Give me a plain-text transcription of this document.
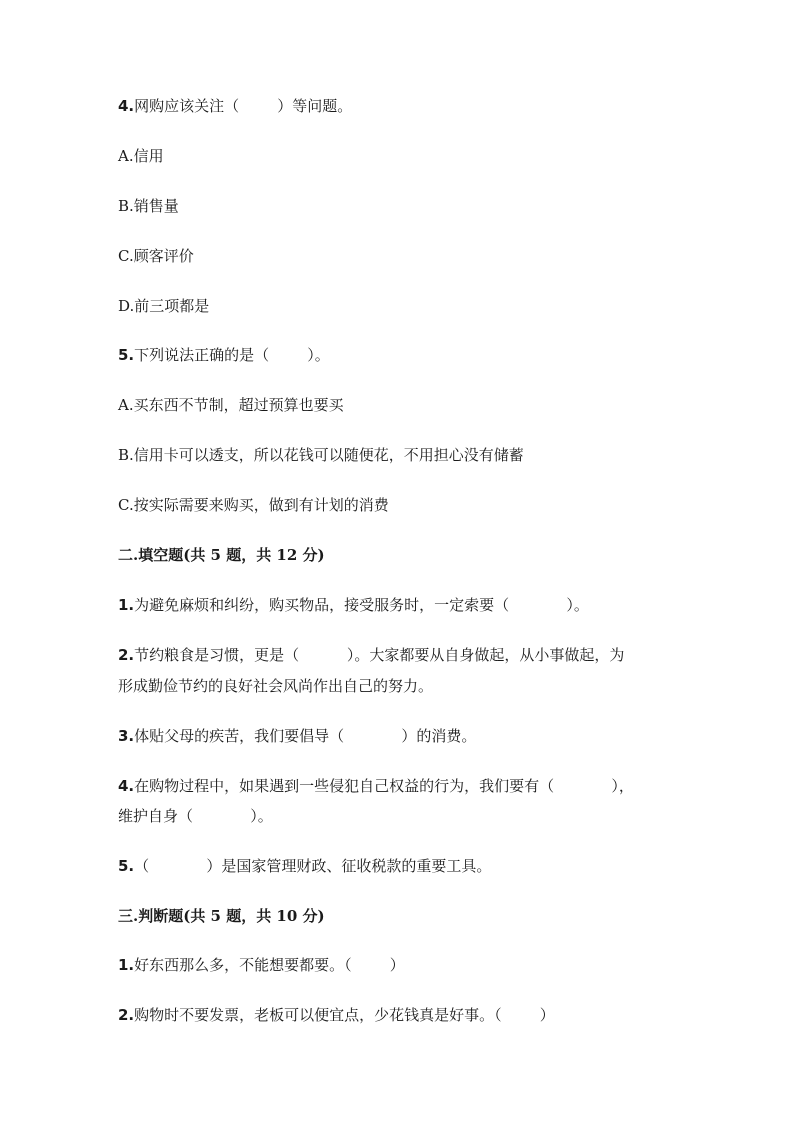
4.网购应该关注（        ）等问题。

A.信用

B.销售量

C.顾客评价

D.前三项都是

5.下列说法正确的是（        ）。

A.买东西不节制，超过预算也要买

B.信用卡可以透支，所以花钱可以随便花，不用担心没有储蓄

C.按实际需要来购买，做到有计划的消费

二.填空题(共 5 题，共 12 分)

1.为避免麻烦和纠纷，购买物品，接受服务时，一定索要（            ）。

2.节约粮食是习惯，更是（          ）。大家都要从自身做起，从小事做起，为

形成勤俭节约的良好社会风尚作出自己的努力。

3.体贴父母的疾苦，我们要倡导（            ）的消费。

4.在购物过程中，如果遇到一些侵犯自己权益的行为，我们要有（            ），

维护自身（            ）。

5.（            ）是国家管理财政、征收税款的重要工具。

三.判断题(共 5 题，共 10 分)

1.好东西那么多，不能想要都要。（        ）

2.购物时不要发票，老板可以便宜点，少花钱真是好事。（        ）
